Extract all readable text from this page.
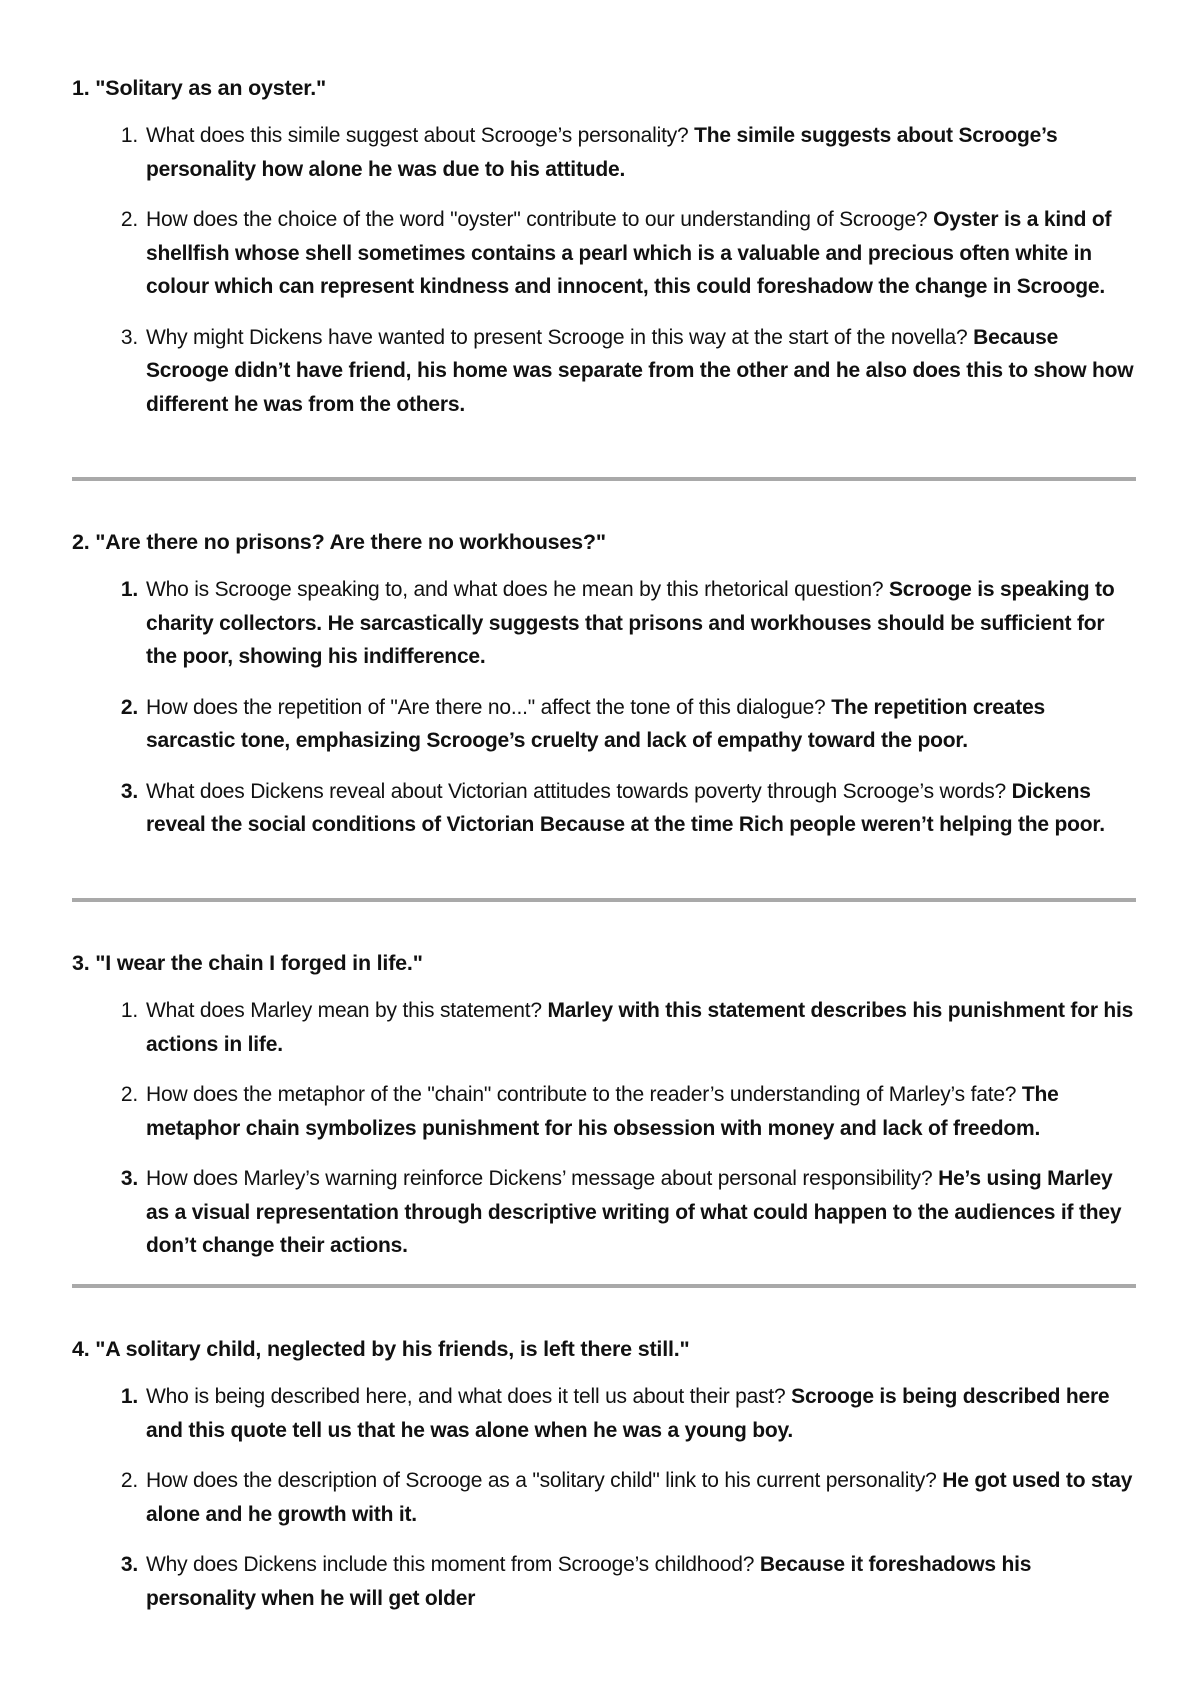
1. "Solitary as an oyster."

1. What does this simile suggest about Scrooge’s personality? The simile suggests about Scrooge’s personality how alone he was due to his attitude.
2. How does the choice of the word "oyster" contribute to our understanding of Scrooge? Oyster is a kind of shellfish whose shell sometimes contains a pearl which is a valuable and precious often white in colour which can represent kindness and innocent, this could foreshadow the change in Scrooge.
3. Why might Dickens have wanted to present Scrooge in this way at the start of the novella? Because Scrooge didn’t have friend, his home was separate from the other and he also does this to show how different he was from the others.

2. "Are there no prisons? Are there no workhouses?"

1. Who is Scrooge speaking to, and what does he mean by this rhetorical question? Scrooge is speaking to charity collectors. He sarcastically suggests that prisons and workhouses should be sufficient for the poor, showing his indifference.
2. How does the repetition of "Are there no..." affect the tone of this dialogue? The repetition creates sarcastic tone, emphasizing Scrooge’s cruelty and lack of empathy toward the poor.
3. What does Dickens reveal about Victorian attitudes towards poverty through Scrooge’s words? Dickens reveal the social conditions of Victorian Because at the time Rich people weren’t helping the poor.

3. "I wear the chain I forged in life."

1. What does Marley mean by this statement? Marley with this statement describes his punishment for his actions in life.
2. How does the metaphor of the "chain" contribute to the reader’s understanding of Marley’s fate? The metaphor chain symbolizes punishment for his obsession with money and lack of freedom.
3. How does Marley’s warning reinforce Dickens’ message about personal responsibility? He’s using Marley as a visual representation through descriptive writing of what could happen to the audiences if they don’t change their actions.

4. "A solitary child, neglected by his friends, is left there still."

1. Who is being described here, and what does it tell us about their past? Scrooge is being described here and this quote tell us that he was alone when he was a young boy.
2. How does the description of Scrooge as a "solitary child" link to his current personality? He got used to stay alone and he growth with it.
3. Why does Dickens include this moment from Scrooge’s childhood? Because it foreshadows his personality when he will get older
